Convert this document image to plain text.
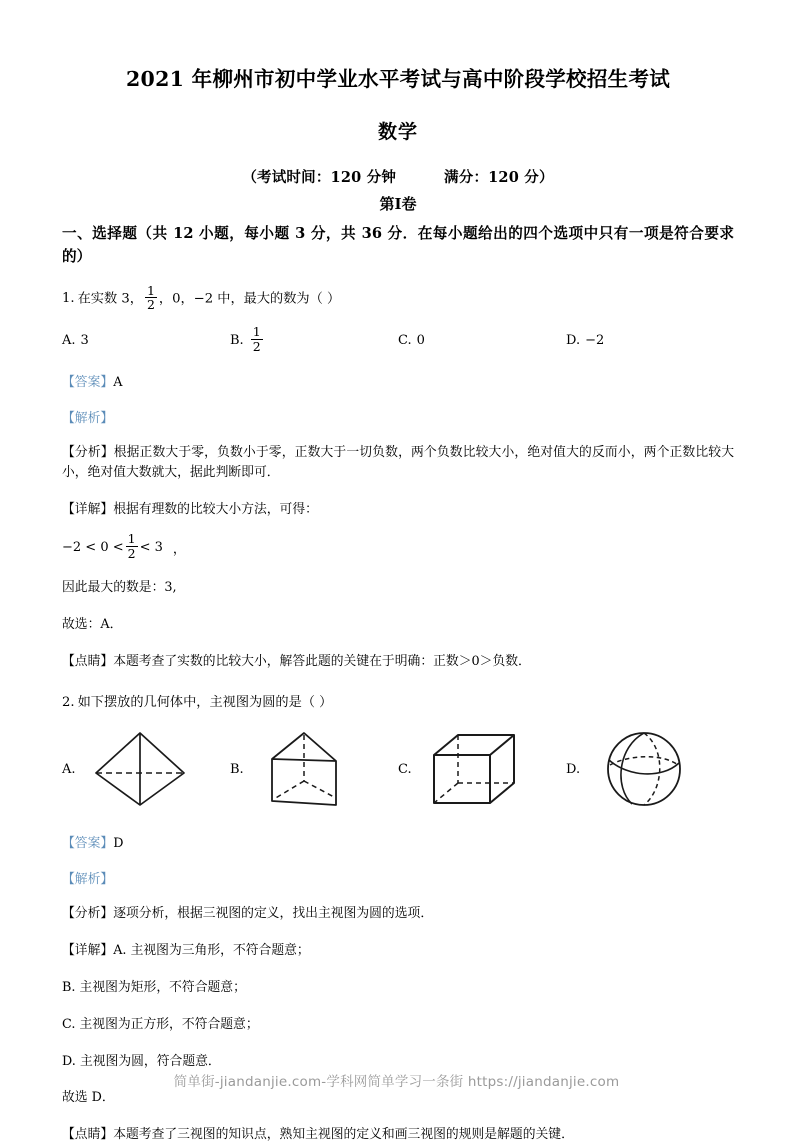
2021 年柳州市初中学业水平考试与高中阶段学校招生考试
数学
（考试时间：120 分钟	满分：120 分）
第Ⅰ卷
一、选择题（共 12 小题，每小题 3 分，共 36 分．在每小题给出的四个选项中只有一项是符合要求的）
1. 在实数 3， $\frac{1}{2}$ ，0，−2 中，最大的数为（ ）
A. 3	B. $\frac{1}{2}$	C. 0	D. −2
【答案】A
【解析】
【分析】根据正数大于零，负数小于零，正数大于一切负数，两个负数比较大小，绝对值大的反而小，两个正数比较大小，绝对值大数就大，据此判断即可．
【详解】根据有理数的比较大小方法，可得：
$-2 < 0 < \frac{1}{2} < 3$ ，
因此最大的数是：3,
故选：A．
【点睛】本题考查了实数的比较大小，解答此题的关键在于明确：正数＞0＞负数．
2. 如下摆放的几何体中，主视图为圆的是（ ）
A.	B.	C.	D.
【答案】D
【解析】
【分析】逐项分析，根据三视图的定义，找出主视图为圆的选项．
【详解】A. 主视图为三角形，不符合题意；
B. 主视图为矩形，不符合题意；
C. 主视图为正方形，不符合题意；
D. 主视图为圆，符合题意．
故选 D．
【点睛】本题考查了三视图的知识点，熟知主视图的定义和画三视图的规则是解题的关键．
简单街-jiandanjie.com-学科网简单学习一条街 https://jiandanjie.com
